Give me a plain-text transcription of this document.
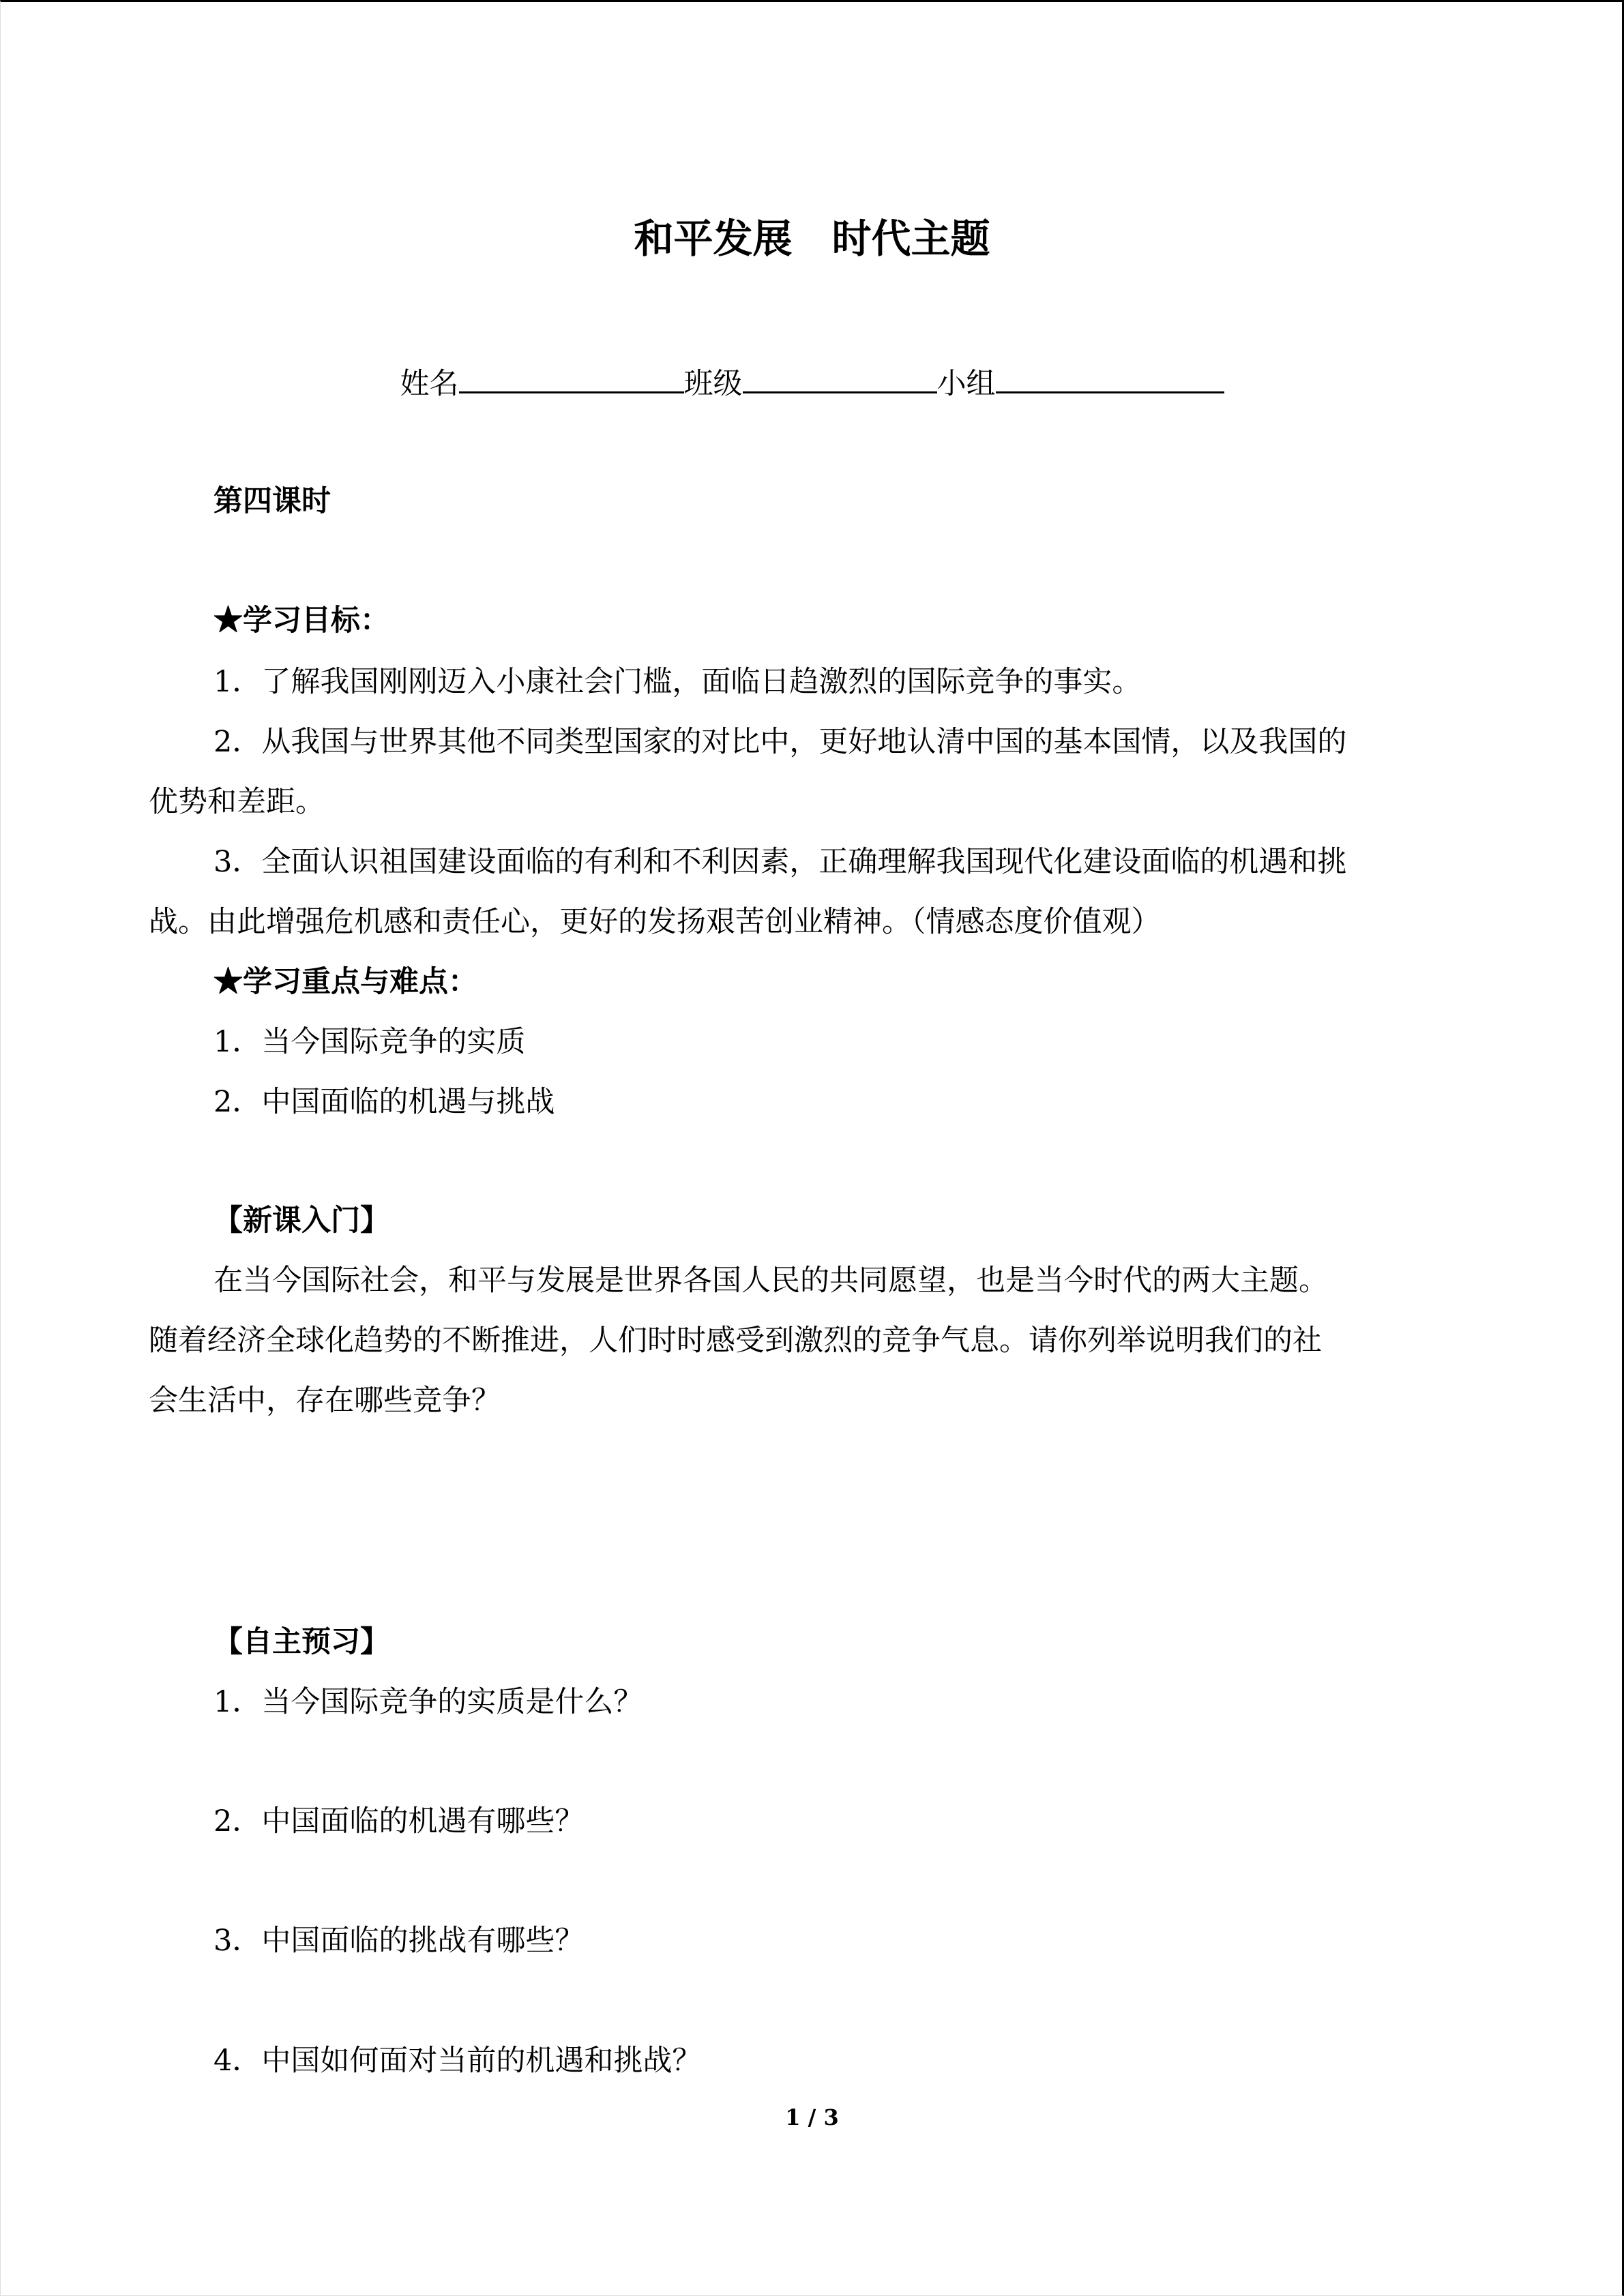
和平发展　时代主题
姓名	班级	小组
第四课时
★学习目标：
1．了解我国刚刚迈入小康社会门槛，面临日趋激烈的国际竞争的事实。
2．从我国与世界其他不同类型国家的对比中，更好地认清中国的基本国情，以及我国的
优势和差距。
3．全面认识祖国建设面临的有利和不利因素，正确理解我国现代化建设面临的机遇和挑
战。由此增强危机感和责任心，更好的发扬艰苦创业精神。（情感态度价值观）
★学习重点与难点：
1．当今国际竞争的实质
2．中国面临的机遇与挑战
【新课入门】
在当今国际社会，和平与发展是世界各国人民的共同愿望，也是当今时代的两大主题。
随着经济全球化趋势的不断推进，人们时时感受到激烈的竞争气息。请你列举说明我们的社
会生活中，存在哪些竞争？
【自主预习】
1．当今国际竞争的实质是什么？
2．中国面临的机遇有哪些？
3．中国面临的挑战有哪些？
4．中国如何面对当前的机遇和挑战？
1 / 3
